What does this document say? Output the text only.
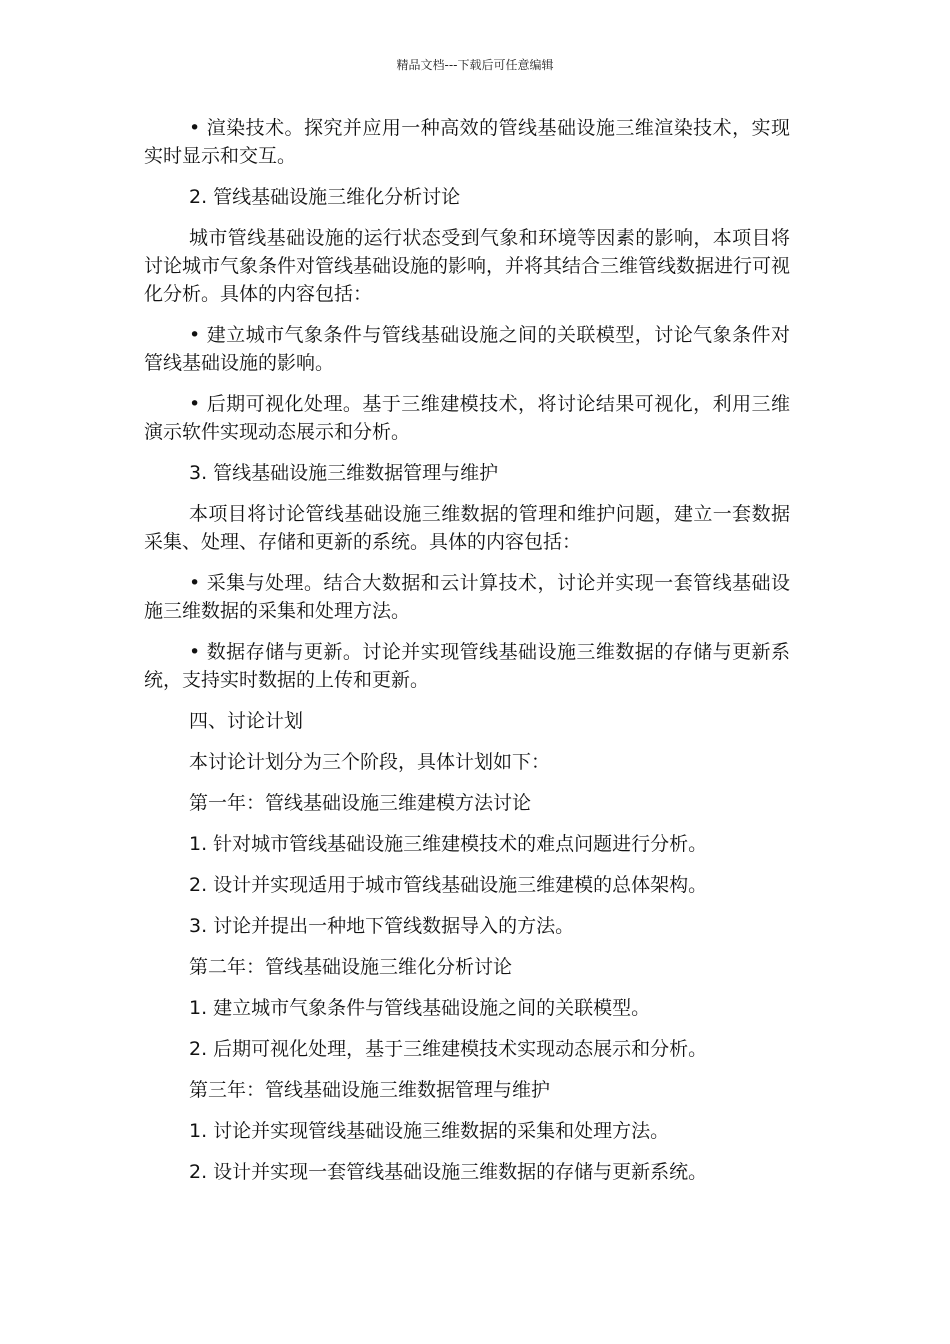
精品文档---下载后可任意编辑

• 渲染技术。探究并应用一种高效的管线基础设施三维渲染技术，实现实时显示和交互。

2. 管线基础设施三维化分析讨论

城市管线基础设施的运行状态受到气象和环境等因素的影响，本项目将讨论城市气象条件对管线基础设施的影响，并将其结合三维管线数据进行可视化分析。具体的内容包括：

• 建立城市气象条件与管线基础设施之间的关联模型，讨论气象条件对管线基础设施的影响。

• 后期可视化处理。基于三维建模技术，将讨论结果可视化，利用三维演示软件实现动态展示和分析。

3. 管线基础设施三维数据管理与维护

本项目将讨论管线基础设施三维数据的管理和维护问题，建立一套数据采集、处理、存储和更新的系统。具体的内容包括：

• 采集与处理。结合大数据和云计算技术，讨论并实现一套管线基础设施三维数据的采集和处理方法。

• 数据存储与更新。讨论并实现管线基础设施三维数据的存储与更新系统，支持实时数据的上传和更新。

四、讨论计划

本讨论计划分为三个阶段，具体计划如下：

第一年：管线基础设施三维建模方法讨论

1. 针对城市管线基础设施三维建模技术的难点问题进行分析。

2. 设计并实现适用于城市管线基础设施三维建模的总体架构。

3. 讨论并提出一种地下管线数据导入的方法。

第二年：管线基础设施三维化分析讨论

1. 建立城市气象条件与管线基础设施之间的关联模型。

2. 后期可视化处理，基于三维建模技术实现动态展示和分析。

第三年：管线基础设施三维数据管理与维护

1. 讨论并实现管线基础设施三维数据的采集和处理方法。

2. 设计并实现一套管线基础设施三维数据的存储与更新系统。
